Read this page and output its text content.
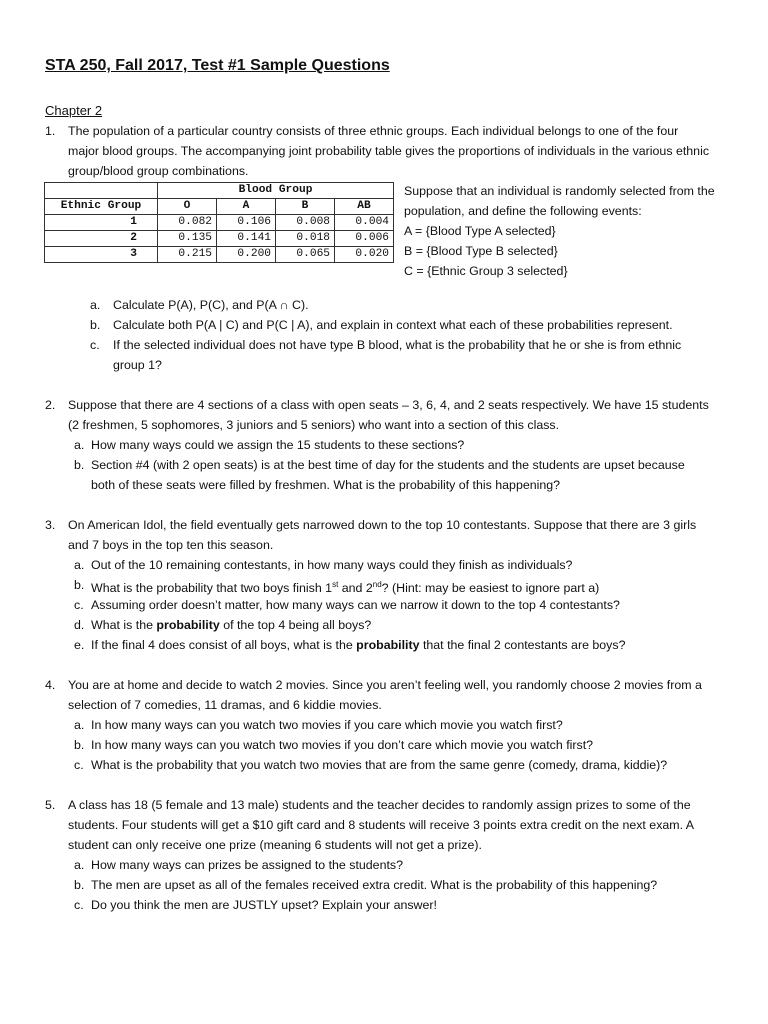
STA 250, Fall 2017, Test #1 Sample Questions
Chapter 2
1. The population of a particular country consists of three ethnic groups. Each individual belongs to one of the four
major blood groups. The accompanying joint probability table gives the proportions of individuals in the various ethnic
group/blood group combinations.
	Blood Group			
Ethnic Group	O	A	B	AB
1	0.082	0.106	0.008	0.004
2	0.135	0.141	0.018	0.006
3	0.215	0.200	0.065	0.020
Suppose that an individual is randomly selected from the
population, and define the following events:
A = {Blood Type A selected}
B = {Blood Type B selected}
C = {Ethnic Group 3 selected}
a. Calculate P(A), P(C), and P(A ∩ C).
b. Calculate both P(A | C) and P(C | A), and explain in context what each of these probabilities represent.
c. If the selected individual does not have type B blood, what is the probability that he or she is from ethnic
group 1?
2. Suppose that there are 4 sections of a class with open seats – 3, 6, 4, and 2 seats respectively. We have 15 students
(2 freshmen, 5 sophomores, 3 juniors and 5 seniors) who want into a section of this class.
a. How many ways could we assign the 15 students to these sections?
b. Section #4 (with 2 open seats) is at the best time of day for the students and the students are upset because
both of these seats were filled by freshmen. What is the probability of this happening?
3. On American Idol, the field eventually gets narrowed down to the top 10 contestants. Suppose that there are 3 girls
and 7 boys in the top ten this season.
a. Out of the 10 remaining contestants, in how many ways could they finish as individuals?
b. What is the probability that two boys finish 1st and 2nd? (Hint: may be easiest to ignore part a)
c. Assuming order doesn’t matter, how many ways can we narrow it down to the top 4 contestants?
d. What is the probability of the top 4 being all boys?
e. If the final 4 does consist of all boys, what is the probability that the final 2 contestants are boys?
4. You are at home and decide to watch 2 movies. Since you aren’t feeling well, you randomly choose 2 movies from a
selection of 7 comedies, 11 dramas, and 6 kiddie movies.
a. In how many ways can you watch two movies if you care which movie you watch first?
b. In how many ways can you watch two movies if you don’t care which movie you watch first?
c. What is the probability that you watch two movies that are from the same genre (comedy, drama, kiddie)?
5. A class has 18 (5 female and 13 male) students and the teacher decides to randomly assign prizes to some of the
students. Four students will get a $10 gift card and 8 students will receive 3 points extra credit on the next exam. A
student can only receive one prize (meaning 6 students will not get a prize).
a. How many ways can prizes be assigned to the students?
b. The men are upset as all of the females received extra credit. What is the probability of this happening?
c. Do you think the men are JUSTLY upset? Explain your answer!
